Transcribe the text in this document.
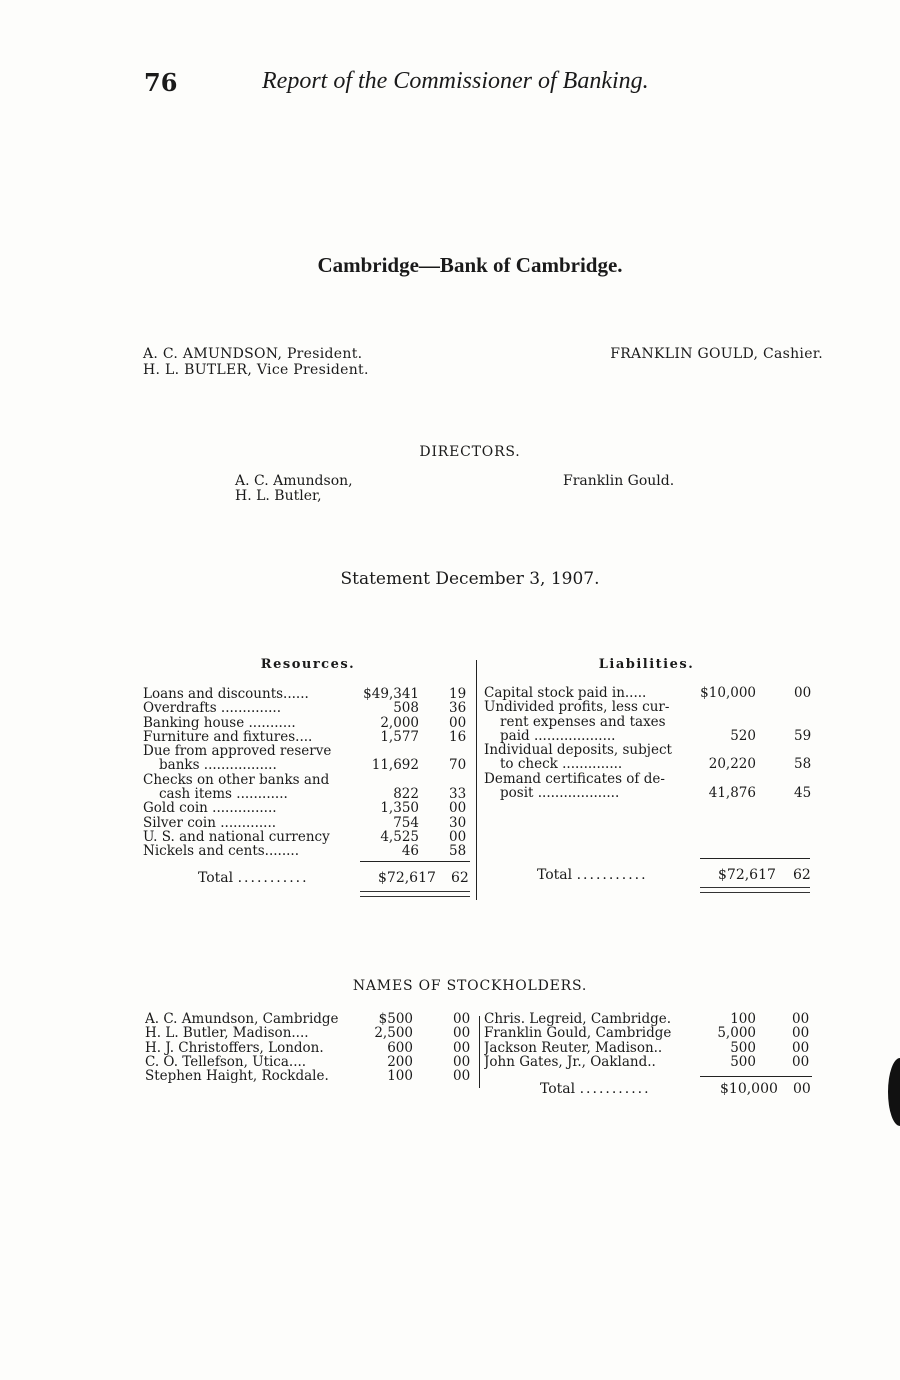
76	Report of the Commissioner of Banking.
Cambridge—Bank of Cambridge.
A. C. AMUNDSON, President.
H. L. BUTLER, Vice President.
FRANKLIN GOULD, Cashier.
DIRECTORS.
A. C. Amundson,
H. L. Butler,
Franklin Gould.
Statement December 3, 1907.
Resources.	Liabilities.
Loans and discounts......	$49,341 19
Overdrafts ..............	508 36
Banking house ...........	2,000 00
Furniture and fixtures....	1,577 16
Due from approved reserve
banks .................	11,692 70
Checks on other banks and
cash items ............	822 33
Gold coin ...............	1,350 00
Silver coin .............	754 30
U. S. and national currency	4,525 00
Nickels and cents........	46 58
Total ...........	$72,617 62
Capital stock paid in.....	$10,000	00
Undivided profits, less cur-
rent expenses and taxes
paid ...................	520	59
Individual deposits, subject
to check ..............	20,220	58
Demand certificates of de-
posit ...................	41,876	45
Total ...........	$72,617 62
NAMES OF STOCKHOLDERS.
A. C. Amundson, Cambridge	$500	00
H. L. Butler, Madison....	2,500	00
H. J. Christoffers, London.	600	00
C. O. Tellefson, Utica....	200	00
Stephen Haight, Rockdale.	100	00
Chris. Legreid, Cambridge.	100	00
Franklin Gould, Cambridge	5,000	00
Jackson Reuter, Madison..	500	00
John Gates, Jr., Oakland..	500	00
Total ...........	$10,000 00
